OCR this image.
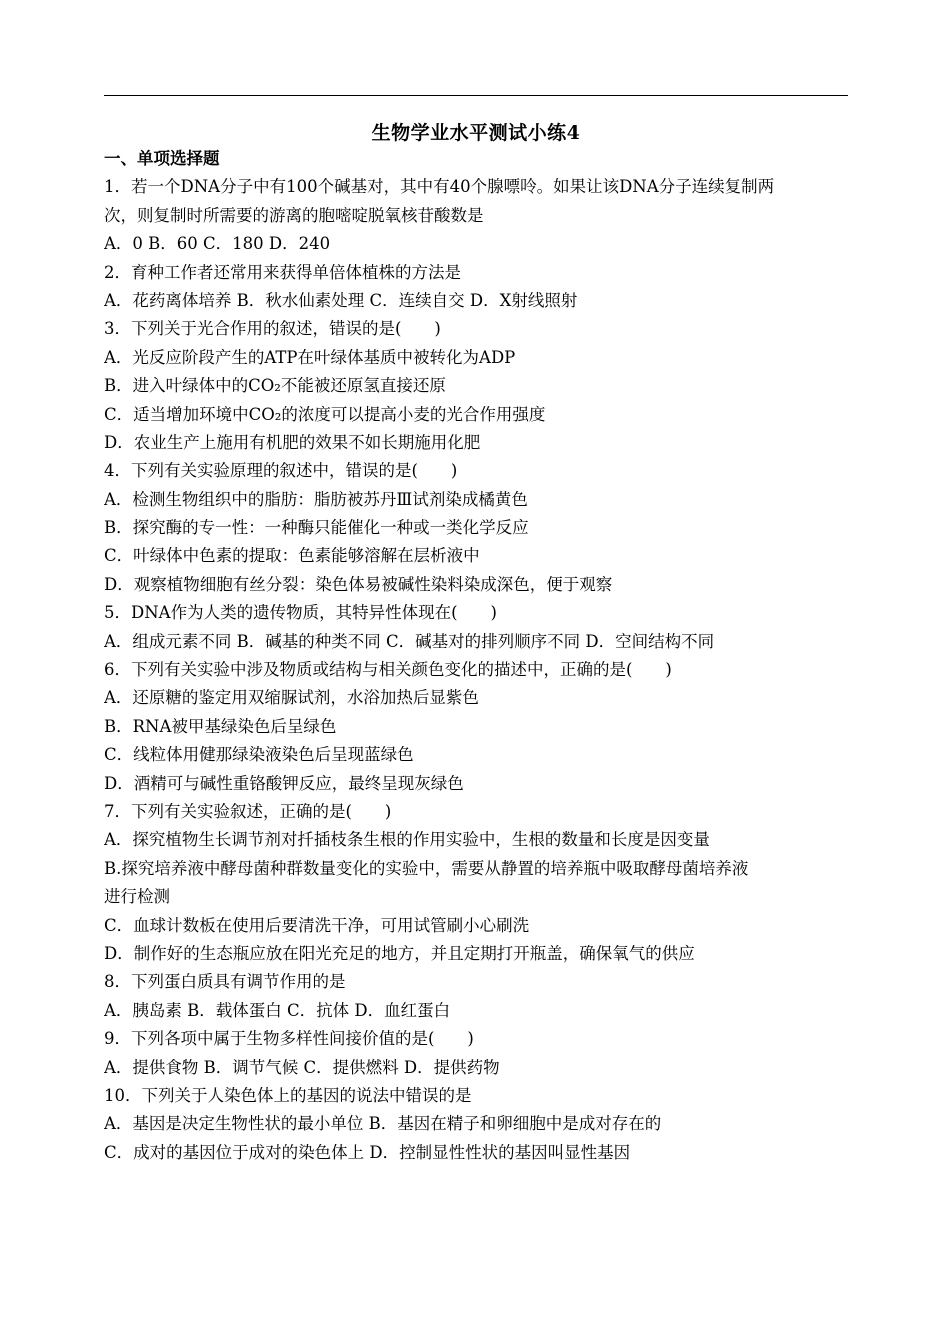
生物学业水平测试小练4
一、单项选择题
1．若一个DNA分子中有100个碱基对，其中有40个腺嘌呤。如果让该DNA分子连续复制两
次，则复制时所需要的游离的胞嘧啶脱氧核苷酸数是
A．0 B．60 C．180 D．240
2．育种工作者还常用来获得单倍体植株的方法是
A．花药离体培养 B．秋水仙素处理 C．连续自交 D．X射线照射
3．下列关于光合作用的叙述，错误的是(　　)
A．光反应阶段产生的ATP在叶绿体基质中被转化为ADP
B．进入叶绿体中的CO₂不能被还原氢直接还原
C．适当增加环境中CO₂的浓度可以提高小麦的光合作用强度
D．农业生产上施用有机肥的效果不如长期施用化肥
4．下列有关实验原理的叙述中，错误的是(　　)
A．检测生物组织中的脂肪：脂肪被苏丹Ⅲ试剂染成橘黄色
B．探究酶的专一性：一种酶只能催化一种或一类化学反应
C．叶绿体中色素的提取：色素能够溶解在层析液中
D．观察植物细胞有丝分裂：染色体易被碱性染料染成深色，便于观察
5．DNA作为人类的遗传物质，其特异性体现在(　　)
A．组成元素不同 B．碱基的种类不同 C．碱基对的排列顺序不同 D．空间结构不同
6．下列有关实验中涉及物质或结构与相关颜色变化的描述中，正确的是(　　)
A．还原糖的鉴定用双缩脲试剂，水浴加热后显紫色
B．RNA被甲基绿染色后呈绿色
C．线粒体用健那绿染液染色后呈现蓝绿色
D．酒精可与碱性重铬酸钾反应，最终呈现灰绿色
7．下列有关实验叙述，正确的是(　　)
A．探究植物生长调节剂对扦插枝条生根的作用实验中，生根的数量和长度是因变量
B.探究培养液中酵母菌种群数量变化的实验中，需要从静置的培养瓶中吸取酵母菌培养液
进行检测
C．血球计数板在使用后要清洗干净，可用试管刷小心刷洗
D．制作好的生态瓶应放在阳光充足的地方，并且定期打开瓶盖，确保氧气的供应
8．下列蛋白质具有调节作用的是
A．胰岛素 B．载体蛋白 C．抗体 D．血红蛋白
9．下列各项中属于生物多样性间接价值的是(　　)
A．提供食物 B．调节气候 C．提供燃料 D．提供药物
10．下列关于人染色体上的基因的说法中错误的是
A．基因是决定生物性状的最小单位 B．基因在精子和卵细胞中是成对存在的
C．成对的基因位于成对的染色体上 D．控制显性性状的基因叫显性基因
